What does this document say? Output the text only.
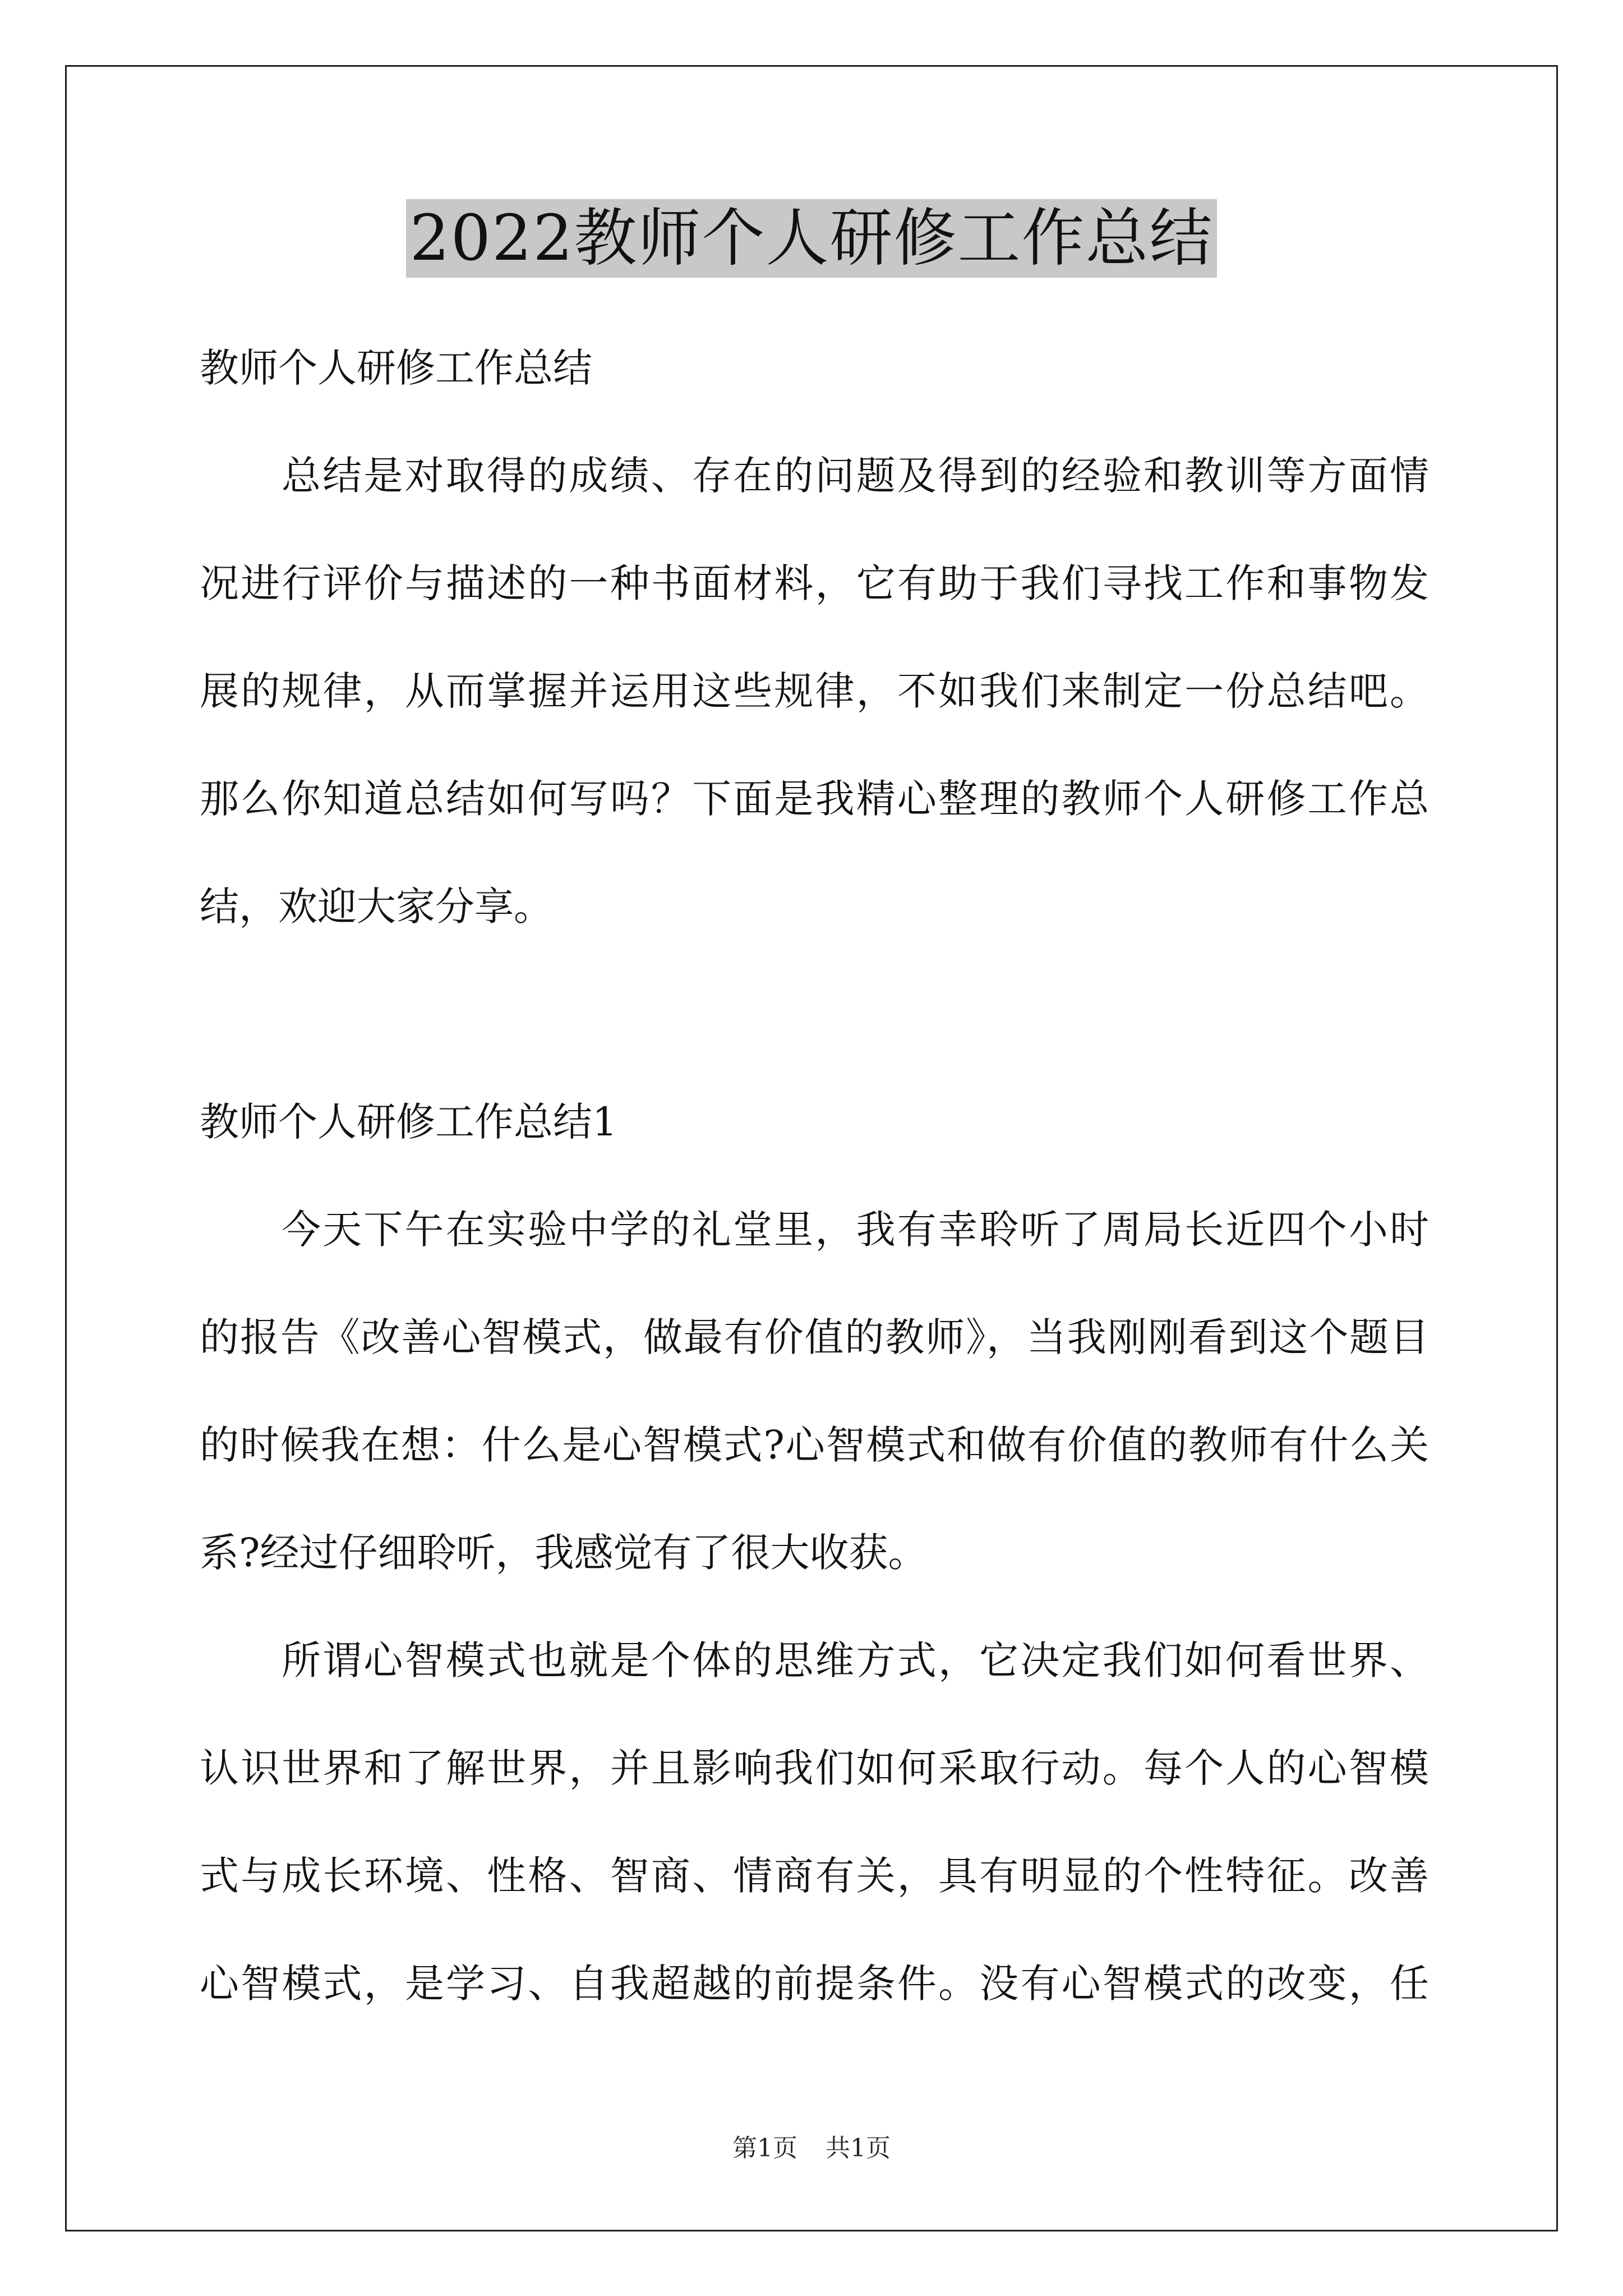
2022教师个人研修工作总结
教师个人研修工作总结
总结是对取得的成绩、存在的问题及得到的经验和教训等方面情
况进行评价与描述的一种书面材料，它有助于我们寻找工作和事物发
展的规律，从而掌握并运用这些规律，不如我们来制定一份总结吧。
那么你知道总结如何写吗？下面是我精心整理的教师个人研修工作总
结，欢迎大家分享。
教师个人研修工作总结1
今天下午在实验中学的礼堂里，我有幸聆听了周局长近四个小时
的报告《改善心智模式，做最有价值的教师》，当我刚刚看到这个题目
的时候我在想：什么是心智模式?心智模式和做有价值的教师有什么关
系?经过仔细聆听，我感觉有了很大收获。
所谓心智模式也就是个体的思维方式，它决定我们如何看世界、
认识世界和了解世界，并且影响我们如何采取行动。每个人的心智模
式与成长环境、性格、智商、情商有关，具有明显的个性特征。改善
心智模式，是学习、自我超越的前提条件。没有心智模式的改变，任
第1页 共1页
